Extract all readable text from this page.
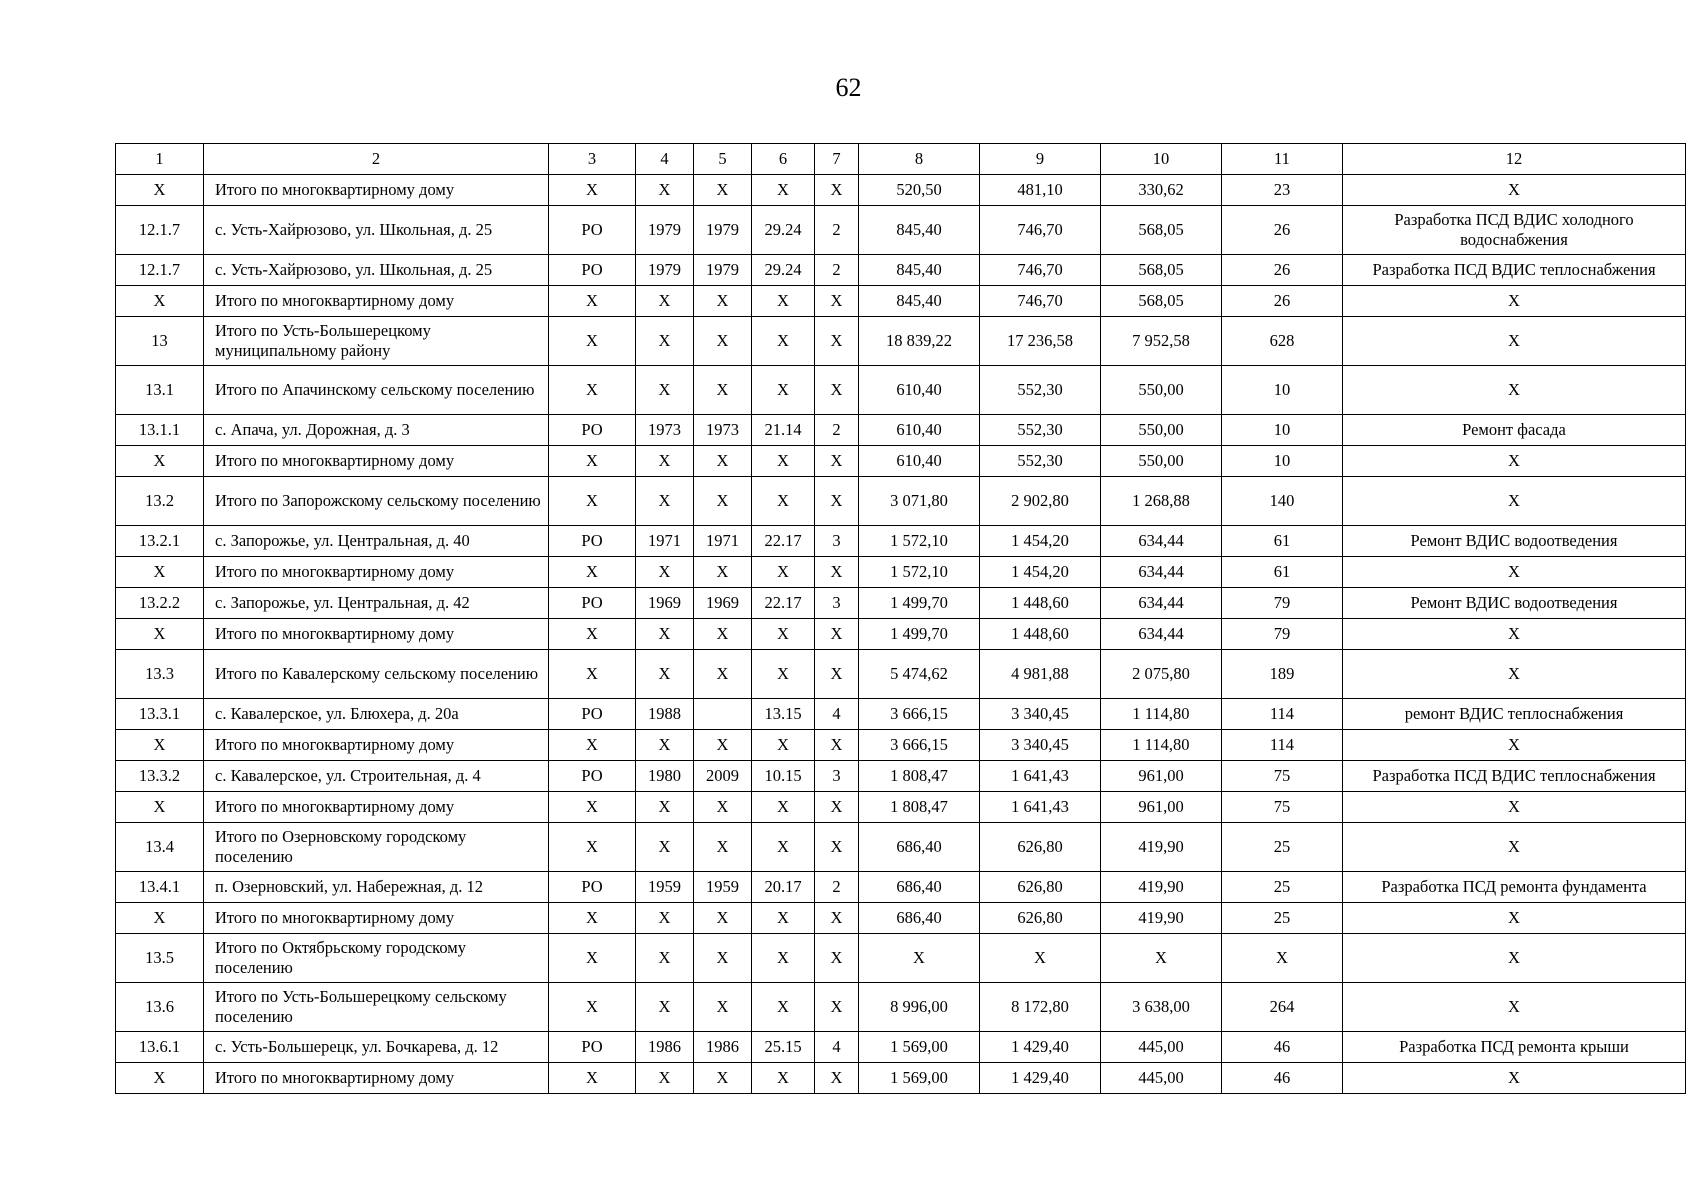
62
1	2	3	4	5	6	7	8	9	10	11	12
X	Итого по многоквартирному дому	X	X	X	X	X	520,50	481,10	330,62	23	X
12.1.7	с. Усть-Хайрюзово, ул. Школьная, д. 25	РО	1979	1979	29.24	2	845,40	746,70	568,05	26	Разработка ПСД ВДИС холодного водоснабжения
12.1.7	с. Усть-Хайрюзово, ул. Школьная, д. 25	РО	1979	1979	29.24	2	845,40	746,70	568,05	26	Разработка ПСД ВДИС теплоснабжения
X	Итого по многоквартирному дому	X	X	X	X	X	845,40	746,70	568,05	26	X
13	Итого по Усть-Большерецкому муниципальному району	X	X	X	X	X	18 839,22	17 236,58	7 952,58	628	X
13.1	Итого по Апачинскому сельскому поселению	X	X	X	X	X	610,40	552,30	550,00	10	X
13.1.1	с. Апача, ул. Дорожная, д. 3	РО	1973	1973	21.14	2	610,40	552,30	550,00	10	Ремонт фасада
X	Итого по многоквартирному дому	X	X	X	X	X	610,40	552,30	550,00	10	X
13.2	Итого по Запорожскому сельскому поселению	X	X	X	X	X	3 071,80	2 902,80	1 268,88	140	X
13.2.1	с. Запорожье, ул. Центральная, д. 40	РО	1971	1971	22.17	3	1 572,10	1 454,20	634,44	61	Ремонт ВДИС водоотведения
X	Итого по многоквартирному дому	X	X	X	X	X	1 572,10	1 454,20	634,44	61	X
13.2.2	с. Запорожье, ул. Центральная, д. 42	РО	1969	1969	22.17	3	1 499,70	1 448,60	634,44	79	Ремонт ВДИС водоотведения
X	Итого по многоквартирному дому	X	X	X	X	X	1 499,70	1 448,60	634,44	79	X
13.3	Итого по Кавалерскому сельскому поселению	X	X	X	X	X	5 474,62	4 981,88	2 075,80	189	X
13.3.1	с. Кавалерское, ул. Блюхера, д. 20а	РО	1988		13.15	4	3 666,15	3 340,45	1 114,80	114	ремонт ВДИС теплоснабжения
X	Итого по многоквартирному дому	X	X	X	X	X	3 666,15	3 340,45	1 114,80	114	X
13.3.2	с. Кавалерское, ул. Строительная, д. 4	РО	1980	2009	10.15	3	1 808,47	1 641,43	961,00	75	Разработка ПСД ВДИС теплоснабжения
X	Итого по многоквартирному дому	X	X	X	X	X	1 808,47	1 641,43	961,00	75	X
13.4	Итого по Озерновскому городскому поселению	X	X	X	X	X	686,40	626,80	419,90	25	X
13.4.1	п. Озерновский, ул. Набережная, д. 12	РО	1959	1959	20.17	2	686,40	626,80	419,90	25	Разработка ПСД ремонта фундамента
X	Итого по многоквартирному дому	X	X	X	X	X	686,40	626,80	419,90	25	X
13.5	Итого по Октябрьскому городскому поселению	X	X	X	X	X	X	X	X	X	X
13.6	Итого по Усть-Большерецкому сельскому поселению	X	X	X	X	X	8 996,00	8 172,80	3 638,00	264	X
13.6.1	с. Усть-Большерецк, ул. Бочкарева, д. 12	РО	1986	1986	25.15	4	1 569,00	1 429,40	445,00	46	Разработка ПСД ремонта крыши
X	Итого по многоквартирному дому	X	X	X	X	X	1 569,00	1 429,40	445,00	46	X
